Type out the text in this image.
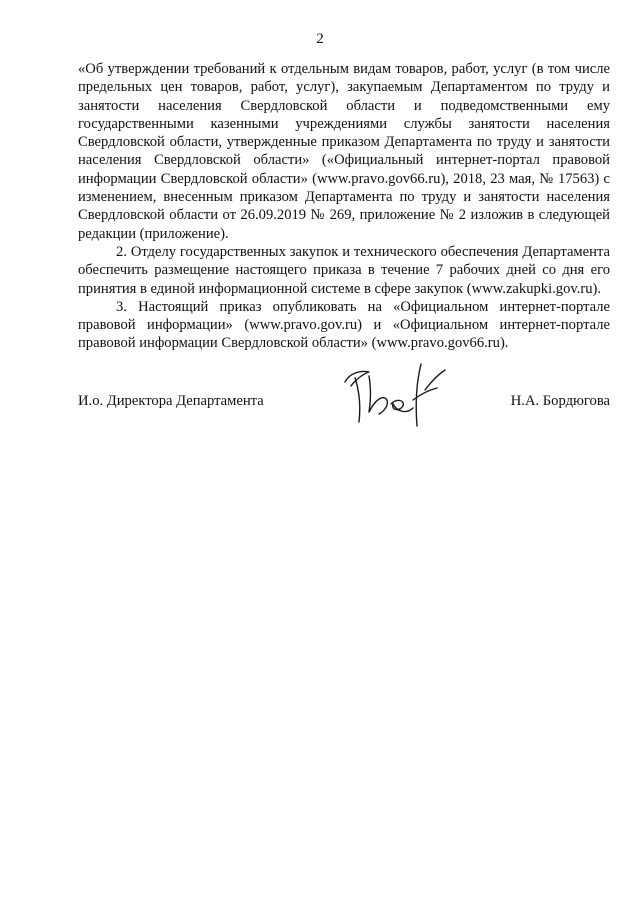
2

«Об утверждении требований к отдельным видам товаров, работ, услуг (в том числе предельных цен товаров, работ, услуг), закупаемым Департаментом по труду и занятости населения Свердловской области и подведомственными ему государственными казенными учреждениями службы занятости населения Свердловской области, утвержденные приказом Департамента по труду и занятости населения Свердловской области» («Официальный интернет-портал правовой информации Свердловской области» (www.pravo.gov66.ru), 2018, 23 мая, № 17563) с изменением, внесенным приказом Департамента по труду и занятости населения Свердловской области от 26.09.2019 № 269, приложение № 2 изложив в следующей редакции (приложение).

2. Отделу государственных закупок и технического обеспечения Департамента обеспечить размещение настоящего приказа в течение 7 рабочих дней со дня его принятия в единой информационной системе в сфере закупок (www.zakupki.gov.ru).

3. Настоящий приказ опубликовать на «Официальном интернет-портале правовой информации» (www.pravo.gov.ru) и «Официальном интернет-портале правовой информации Свердловской области» (www.pravo.gov66.ru).

И.о. Директора Департамента	Н.А. Бордюгова
